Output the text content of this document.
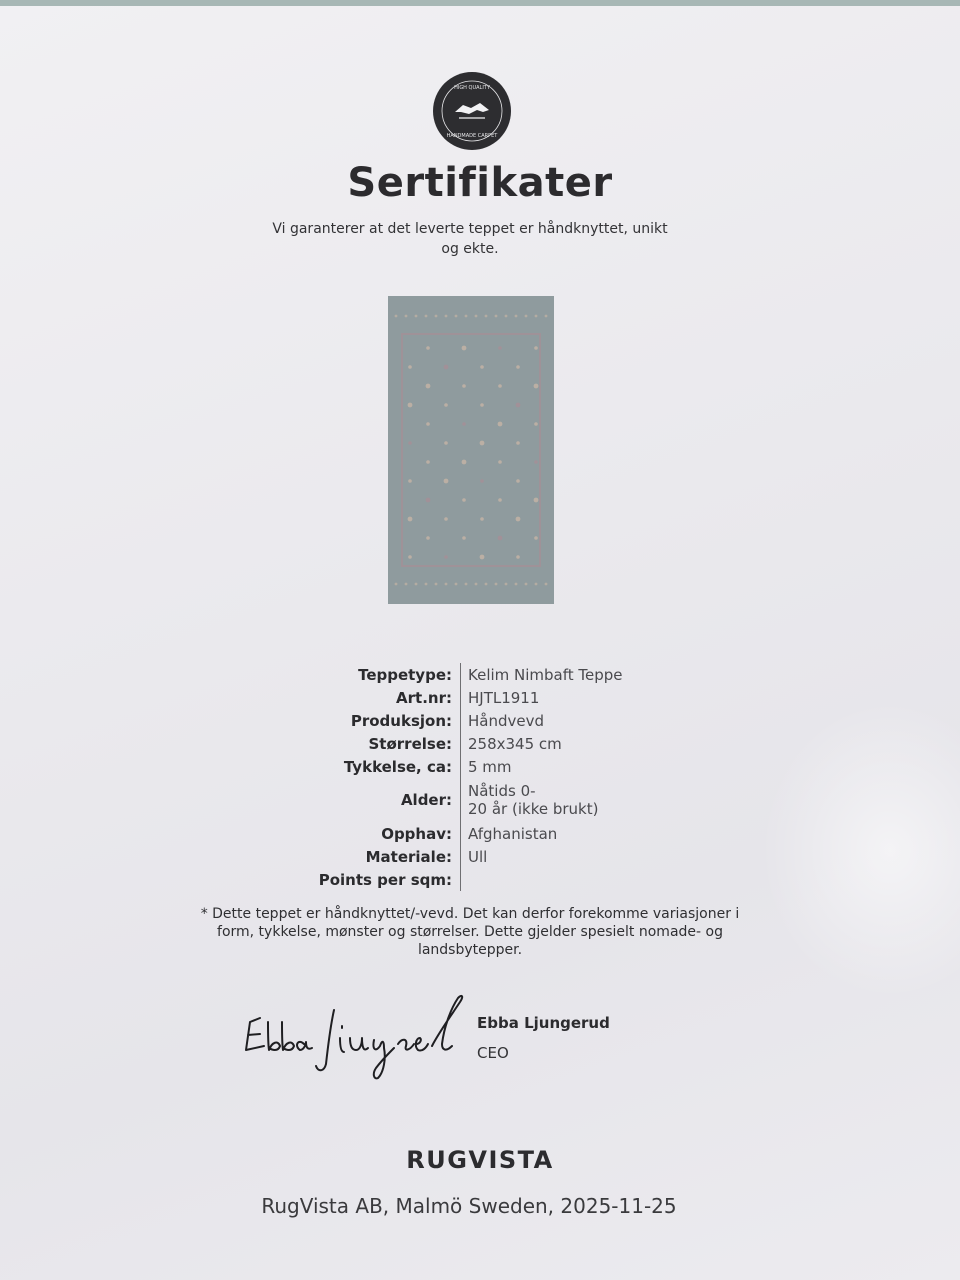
HIGH QUALITY
HANDMADE CARPET
Sertifikater
Vi garanterer at det leverte teppet er håndknyttet, unikt og ekte.
Teppetype:	Kelim Nimbaft Teppe
Art.nr:	HJTL1911
Produksjon:	Håndvevd
Størrelse:	258x345 cm
Tykkelse, ca:	5 mm
Alder:	Nåtids 0-
20 år (ikke brukt)
Opphav:	Afghanistan
Materiale:	Ull
Points per sqm:
* Dette teppet er håndknyttet/-vevd. Det kan derfor forekomme variasjoner i form, tykkelse, mønster og størrelser. Dette gjelder spesielt nomade- og landsbytepper.
Ebba Ljungerud
CEO
RUGVISTA
RugVista AB, Malmö Sweden, 2025-11-25
